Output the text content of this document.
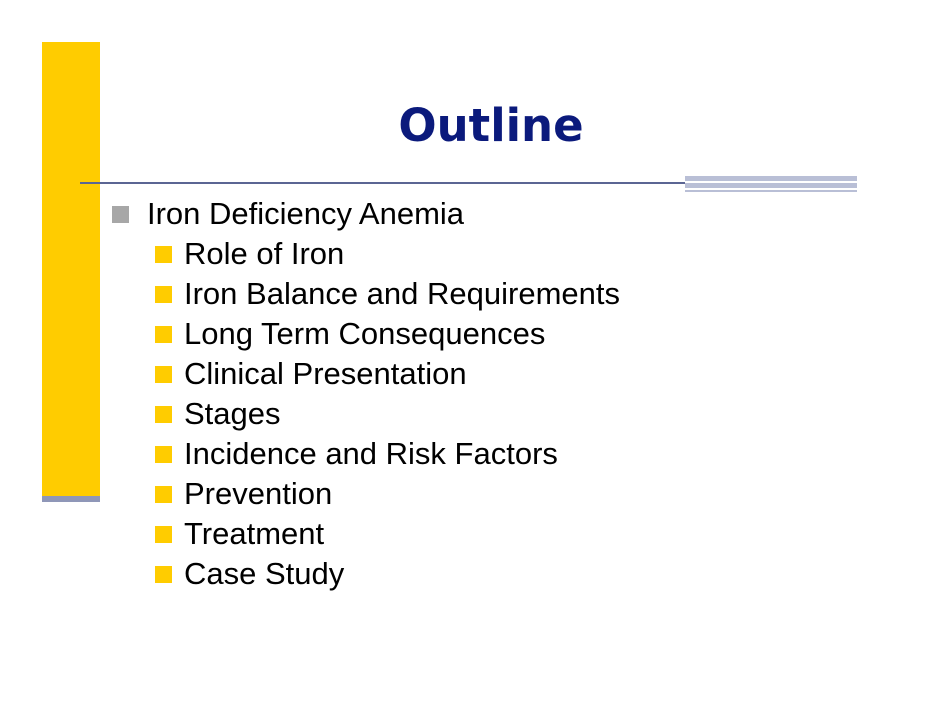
Outline
Iron Deficiency Anemia
Role of Iron
Iron Balance and Requirements
Long Term Consequences
Clinical Presentation
Stages
Incidence and Risk Factors
Prevention
Treatment
Case Study
